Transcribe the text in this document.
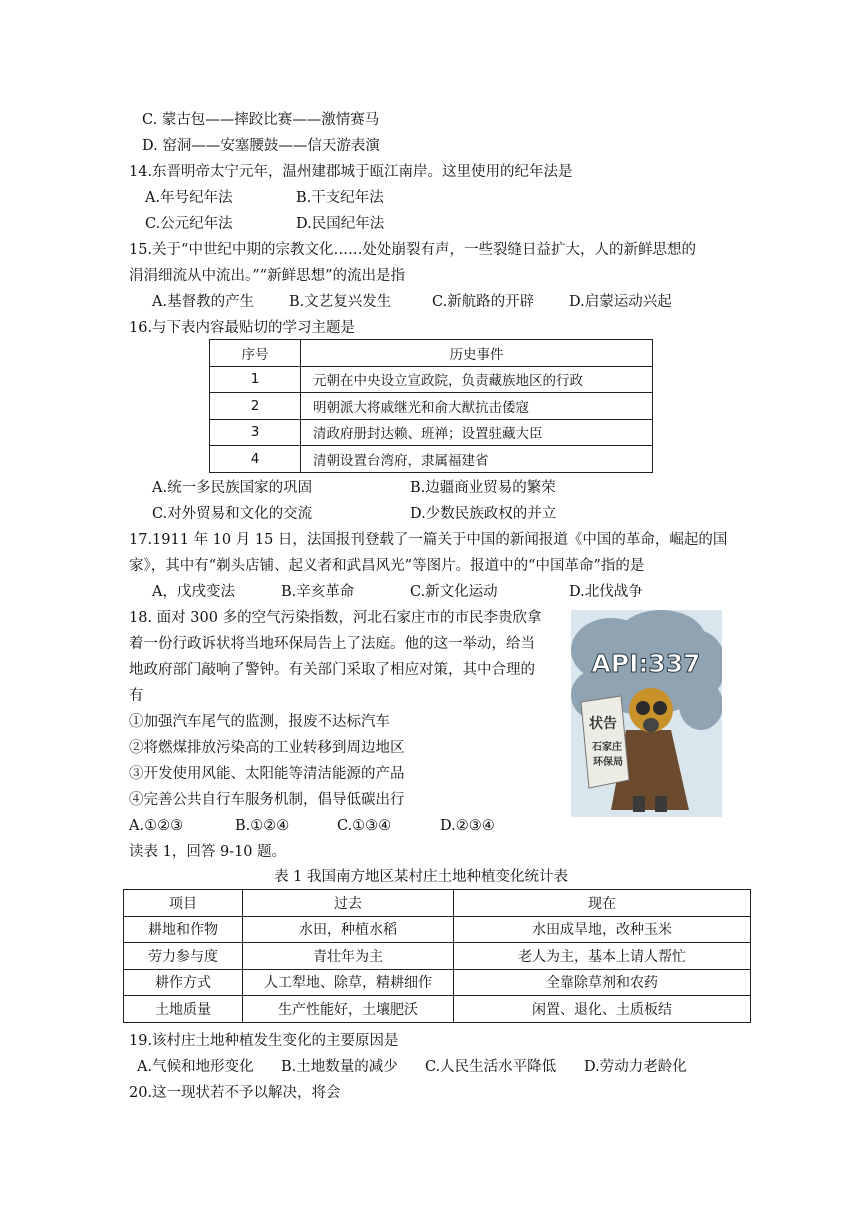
C. 蒙古包——摔跤比赛——激情赛马
D. 窑洞——安塞腰鼓——信天游表演
14.东晋明帝太宁元年，温州建郡城于瓯江南岸。这里使用的纪年法是
A.年号纪年法	B.干支纪年法
C.公元纪年法	D.民国纪年法
15.关于“中世纪中期的宗教文化……处处崩裂有声，一些裂缝日益扩大，人的新鲜思想的
涓涓细流从中流出。”“新鲜思想”的流出是指
A.基督教的产生 B.文艺复兴发生	C.新航路的开辟 D.启蒙运动兴起
16.与下表内容最贴切的学习主题是
序号	历史事件
1	元朝在中央设立宣政院，负责藏族地区的行政
2	明朝派大将戚继光和俞大猷抗击倭寇
3	清政府册封达赖、班禅；设置驻藏大臣
4	清朝设置台湾府，隶属福建省
A.统一多民族国家的巩固	B.边疆商业贸易的繁荣
C.对外贸易和文化的交流	D.少数民族政权的并立
17.1911 年 10 月 15 日，法国报刊登载了一篇关于中国的新闻报道《中国的革命，崛起的国
家》，其中有“剃头店铺、起义者和武昌风光”等图片。报道中的“中国革命”指的是
A，戊戌变法	B.辛亥革命	C.新文化运动	D.北伐战争
18. 面对 300 多的空气污染指数，河北石家庄市的市民李贵欣拿
着一份行政诉状将当地环保局告上了法庭。他的这一举动，给当
地政府部门敲响了警钟。有关部门采取了相应对策，其中合理的
有
①加强汽车尾气的监测，报废不达标汽车
②将燃煤排放污染高的工业转移到周边地区
③开发使用风能、太阳能等清洁能源的产品
④完善公共自行车服务机制，倡导低碳出行
A.①②③	B.①②④	C.①③④	D.②③④
API:337
状告
石家庄
环保局
读表 1，回答 9-10 题。
表 1 我国南方地区某村庄土地种植变化统计表
项目	过去	现在
耕地和作物	水田，种植水稻	水田成旱地，改种玉米
劳力参与度	青壮年为主	老人为主，基本上请人帮忙
耕作方式	人工犁地、除草，精耕细作	全靠除草剂和农药
土地质量	生产性能好，土壤肥沃	闲置、退化、土质板结
19.该村庄土地种植发生变化的主要原因是
A.气候和地形变化 B.土地数量的减少 C.人民生活水平降低 D.劳动力老龄化
20.这一现状若不予以解决，将会
